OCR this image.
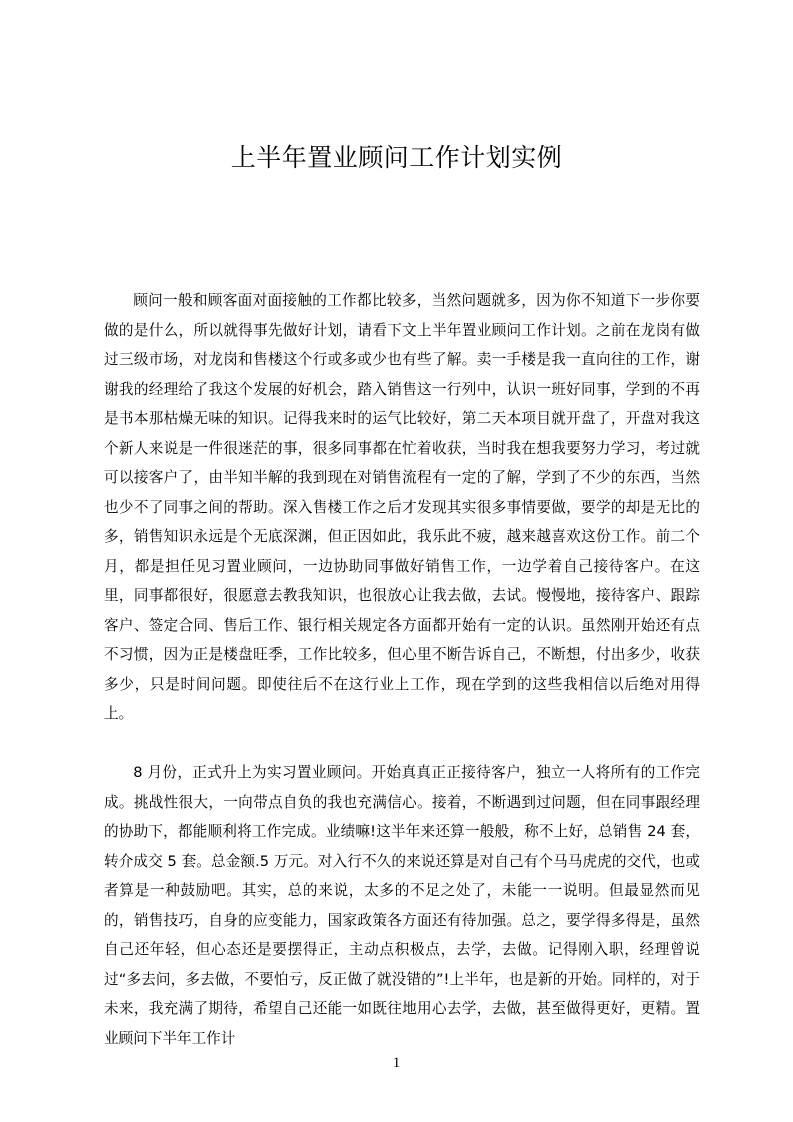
上半年置业顾问工作计划实例

顾问一般和顾客面对面接触的工作都比较多，当然问题就多，因为你不知道下一步你要做的是什么，所以就得事先做好计划，请看下文上半年置业顾问工作计划。之前在龙岗有做过三级市场，对龙岗和售楼这个行或多或少也有些了解。卖一手楼是我一直向往的工作，谢谢我的经理给了我这个发展的好机会，踏入销售这一行列中，认识一班好同事，学到的不再是书本那枯燥无味的知识。记得我来时的运气比较好，第二天本项目就开盘了，开盘对我这个新人来说是一件很迷茫的事，很多同事都在忙着收获，当时我在想我要努力学习，考过就可以接客户了，由半知半解的我到现在对销售流程有一定的了解，学到了不少的东西，当然也少不了同事之间的帮助。深入售楼工作之后才发现其实很多事情要做，要学的却是无比的多，销售知识永远是个无底深渊，但正因如此，我乐此不疲，越来越喜欢这份工作。前二个月，都是担任见习置业顾问，一边协助同事做好销售工作，一边学着自己接待客户。在这里，同事都很好，很愿意去教我知识，也很放心让我去做，去试。慢慢地，接待客户、跟踪客户、签定合同、售后工作、银行相关规定各方面都开始有一定的认识。虽然刚开始还有点不习惯，因为正是楼盘旺季，工作比较多，但心里不断告诉自己，不断想，付出多少，收获多少，只是时间问题。即使往后不在这行业上工作，现在学到的这些我相信以后绝对用得上。

8 月份，正式升上为实习置业顾问。开始真真正正接待客户，独立一人将所有的工作完成。挑战性很大，一向带点自负的我也充满信心。接着，不断遇到过问题，但在同事跟经理的协助下，都能顺利将工作完成。业绩嘛!这半年来还算一般般，称不上好，总销售 24 套，转介成交 5 套。总金额.5 万元。对入行不久的来说还算是对自己有个马马虎虎的交代，也或者算是一种鼓励吧。其实，总的来说，太多的不足之处了，未能一一说明。但最显然而见的，销售技巧，自身的应变能力，国家政策各方面还有待加强。总之，要学得多得是，虽然自己还年轻，但心态还是要摆得正，主动点积极点，去学，去做。记得刚入职，经理曾说过“多去问，多去做，不要怕亏，反正做了就没错的”!上半年，也是新的开始。同样的，对于未来，我充满了期待，希望自己还能一如既往地用心去学，去做，甚至做得更好，更精。置业顾问下半年工作计

1
